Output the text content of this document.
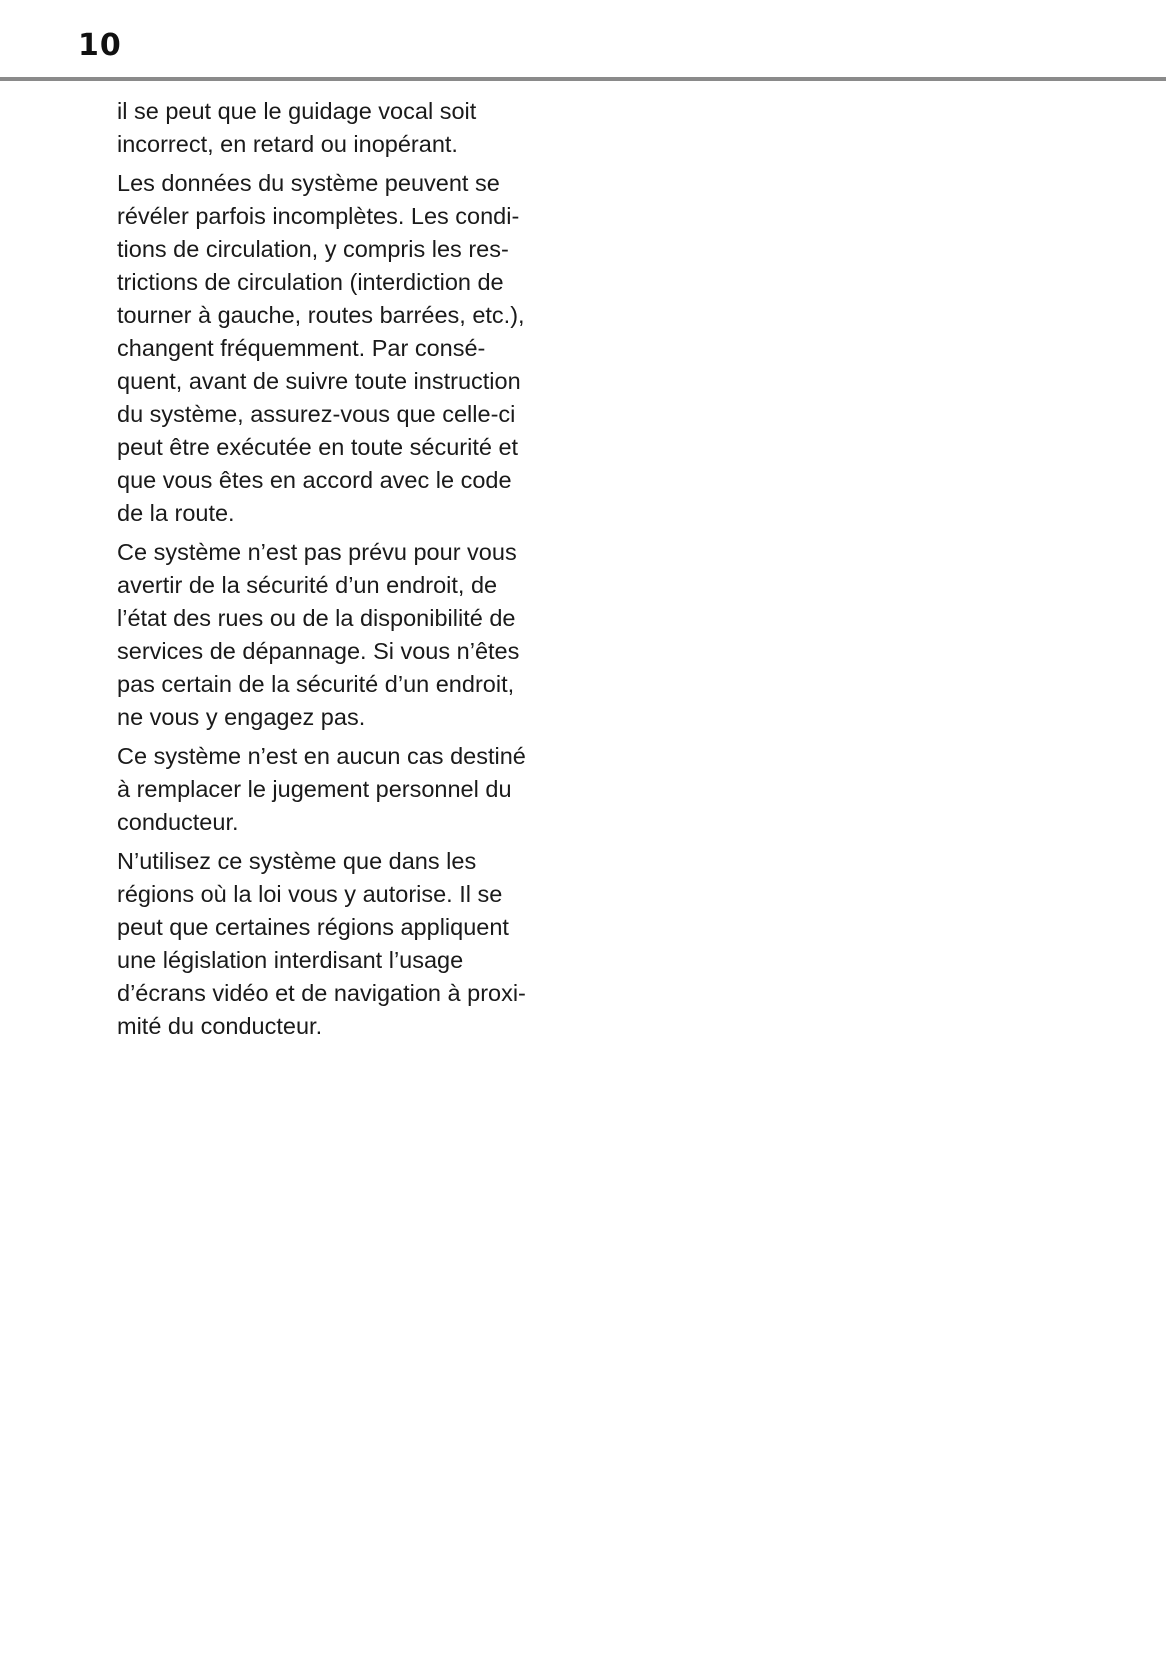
10

il se peut que le guidage vocal soit
incorrect, en retard ou inopérant.

Les données du système peuvent se
révéler parfois incomplètes. Les condi-
tions de circulation, y compris les res-
trictions de circulation (interdiction de
tourner à gauche, routes barrées, etc.),
changent fréquemment. Par consé-
quent, avant de suivre toute instruction
du système, assurez-vous que celle-ci
peut être exécutée en toute sécurité et
que vous êtes en accord avec le code
de la route.

Ce système n’est pas prévu pour vous
avertir de la sécurité d’un endroit, de
l’état des rues ou de la disponibilité de
services de dépannage. Si vous n’êtes
pas certain de la sécurité d’un endroit,
ne vous y engagez pas.

Ce système n’est en aucun cas destiné
à remplacer le jugement personnel du
conducteur.

N’utilisez ce système que dans les
régions où la loi vous y autorise. Il se
peut que certaines régions appliquent
une législation interdisant l’usage
d’écrans vidéo et de navigation à proxi-
mité du conducteur.
